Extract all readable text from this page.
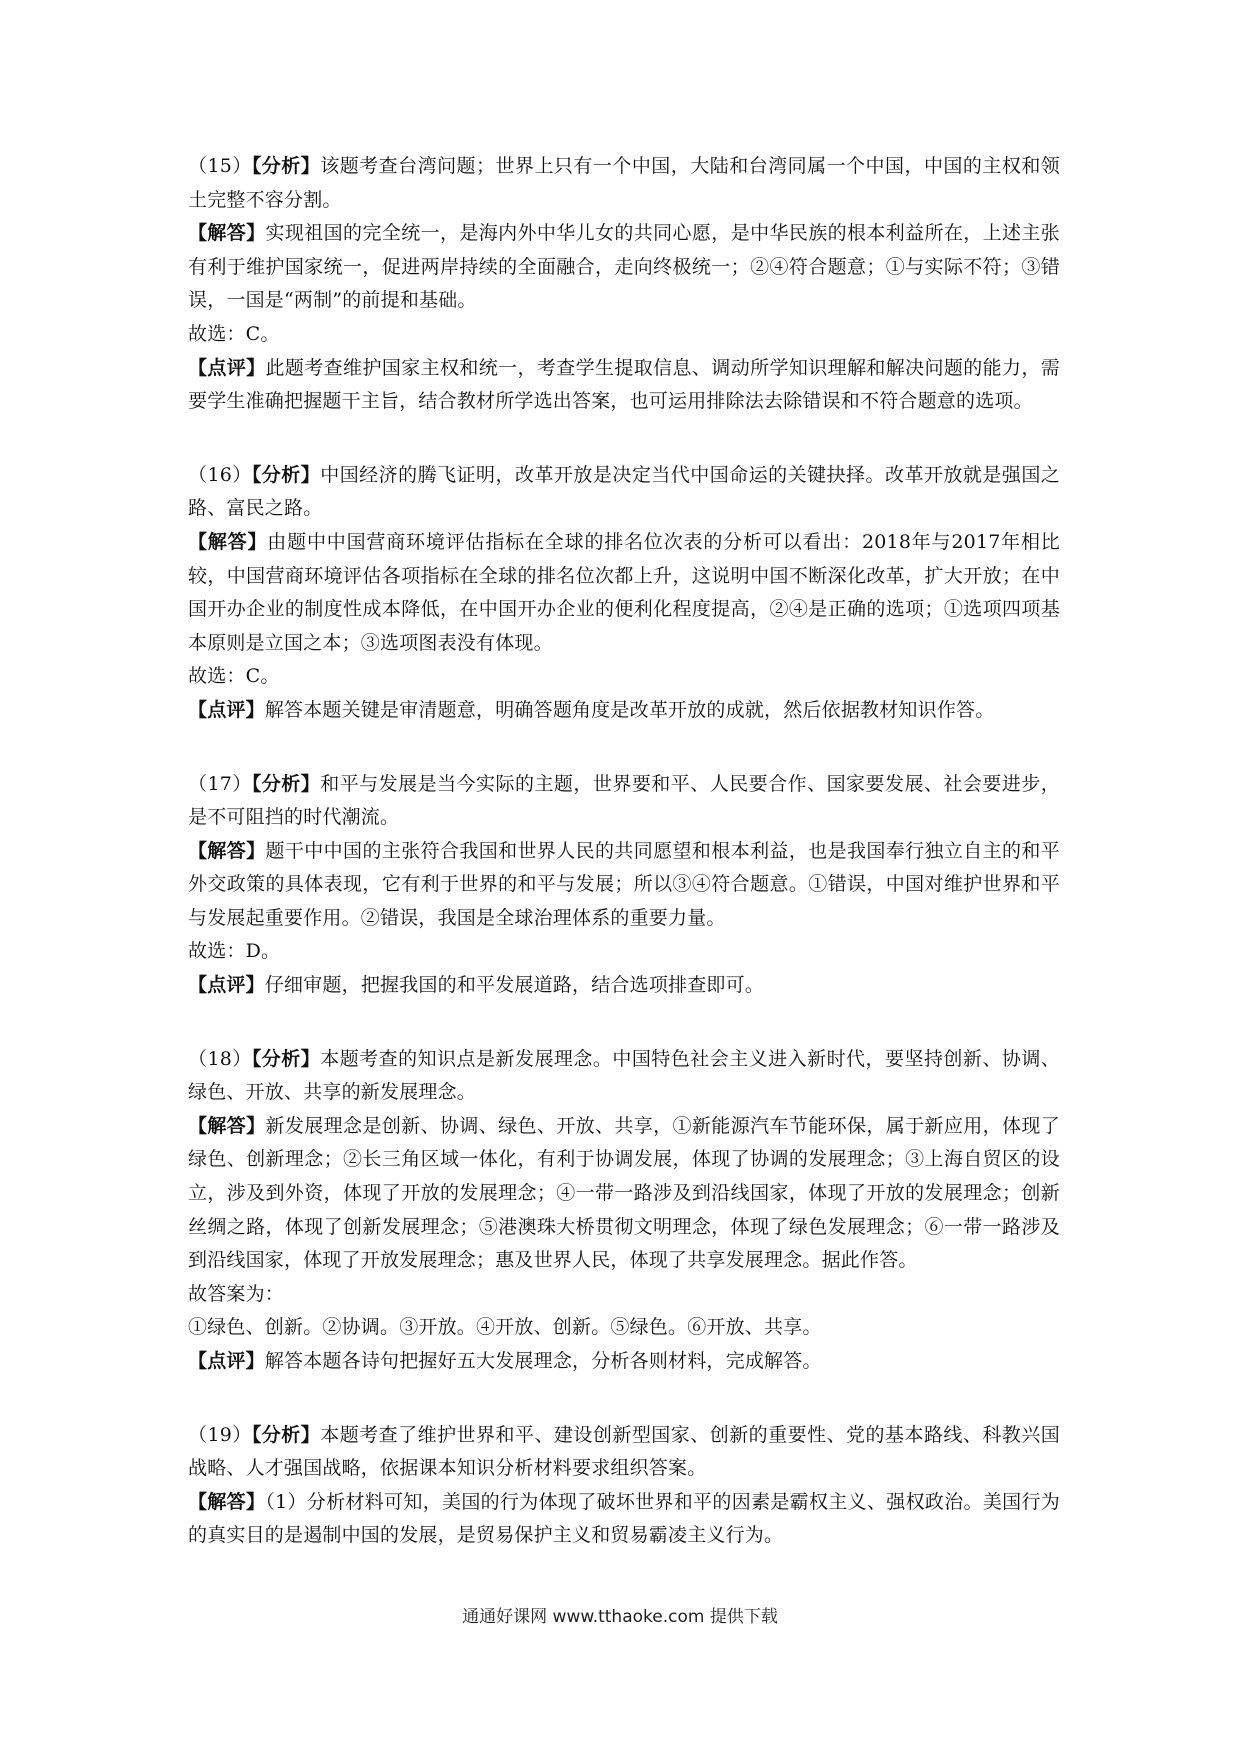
（15）【分析】该题考查台湾问题；世界上只有一个中国，大陆和台湾同属一个中国，中国的主权和领土完整不容分割。

【解答】实现祖国的完全统一，是海内外中华儿女的共同心愿，是中华民族的根本利益所在，上述主张有利于维护国家统一，促进两岸持续的全面融合，走向终极统一；②④符合题意；①与实际不符；③错误，一国是“两制”的前提和基础。

故选：C。

【点评】此题考查维护国家主权和统一，考查学生提取信息、调动所学知识理解和解决问题的能力，需要学生准确把握题干主旨，结合教材所学选出答案，也可运用排除法去除错误和不符合题意的选项。

（16）【分析】中国经济的腾飞证明，改革开放是决定当代中国命运的关键抉择。改革开放就是强国之路、富民之路。

【解答】由题中中国营商环境评估指标在全球的排名位次表的分析可以看出：2018年与2017年相比较，中国营商环境评估各项指标在全球的排名位次都上升，这说明中国不断深化改革，扩大开放；在中国开办企业的制度性成本降低，在中国开办企业的便利化程度提高，②④是正确的选项；①选项四项基本原则是立国之本；③选项图表没有体现。

故选：C。

【点评】解答本题关键是审清题意，明确答题角度是改革开放的成就，然后依据教材知识作答。

（17）【分析】和平与发展是当今实际的主题，世界要和平、人民要合作、国家要发展、社会要进步，是不可阻挡的时代潮流。

【解答】题干中中国的主张符合我国和世界人民的共同愿望和根本利益，也是我国奉行独立自主的和平外交政策的具体表现，它有利于世界的和平与发展；所以③④符合题意。①错误，中国对维护世界和平与发展起重要作用。②错误，我国是全球治理体系的重要力量。

故选：D。

【点评】仔细审题，把握我国的和平发展道路，结合选项排查即可。

（18）【分析】本题考查的知识点是新发展理念。中国特色社会主义进入新时代，要坚持创新、协调、绿色、开放、共享的新发展理念。

【解答】新发展理念是创新、协调、绿色、开放、共享，①新能源汽车节能环保，属于新应用，体现了绿色、创新理念；②长三角区域一体化，有利于协调发展，体现了协调的发展理念；③上海自贸区的设立，涉及到外资，体现了开放的发展理念；④一带一路涉及到沿线国家，体现了开放的发展理念；创新丝绸之路，体现了创新发展理念；⑤港澳珠大桥贯彻文明理念，体现了绿色发展理念；⑥一带一路涉及到沿线国家，体现了开放发展理念；惠及世界人民，体现了共享发展理念。据此作答。

故答案为：

①绿色、创新。②协调。③开放。④开放、创新。⑤绿色。⑥开放、共享。

【点评】解答本题各诗句把握好五大发展理念，分析各则材料，完成解答。

（19）【分析】本题考查了维护世界和平、建设创新型国家、创新的重要性、党的基本路线、科教兴国战略、人才强国战略，依据课本知识分析材料要求组织答案。

【解答】（1）分析材料可知，美国的行为体现了破坏世界和平的因素是霸权主义、强权政治。美国行为的真实目的是遏制中国的发展，是贸易保护主义和贸易霸凌主义行为。

通通好课网 www.tthaoke.com 提供下载
